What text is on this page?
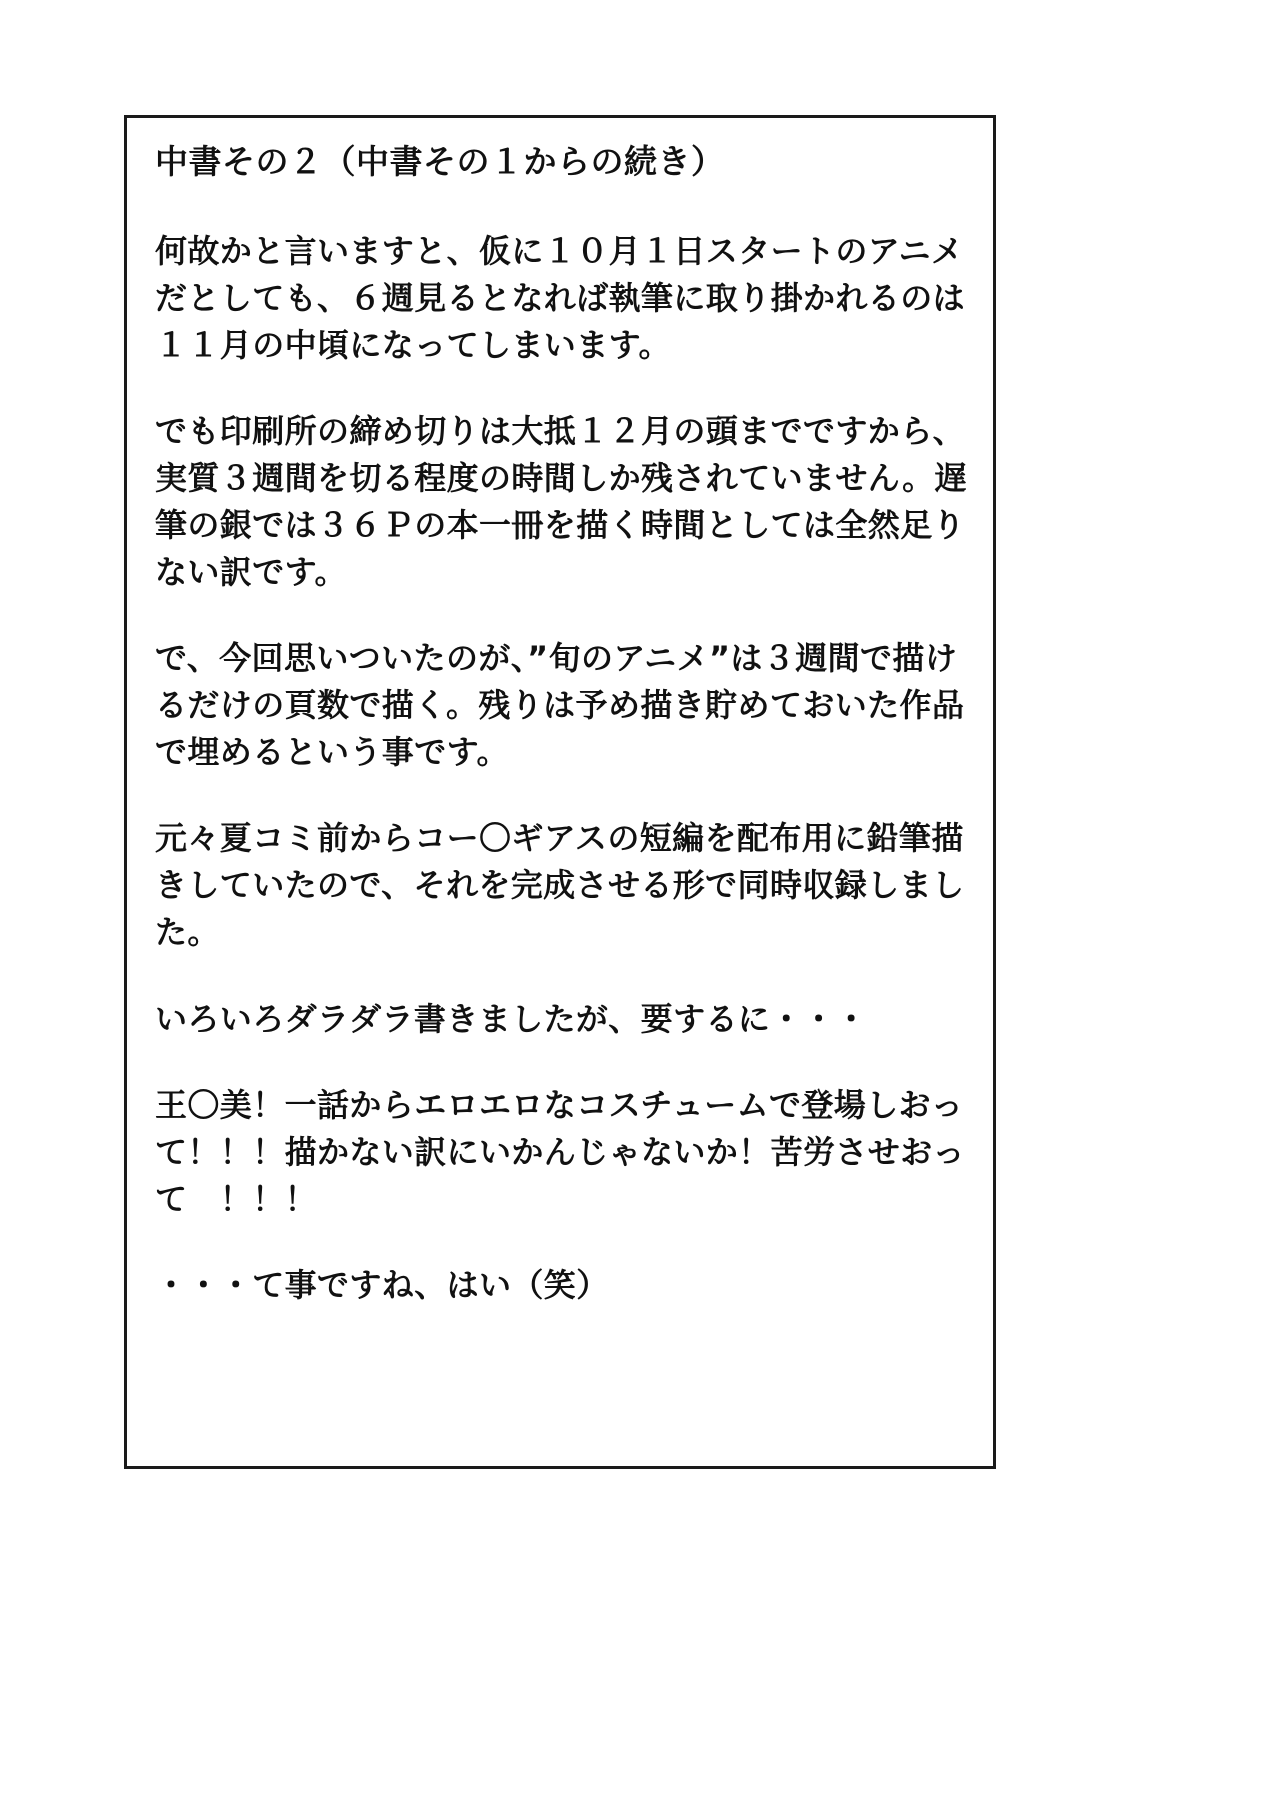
中書その２（中書その１からの続き）

何故かと言いますと、仮に１０月１日スタートのアニメだとしても、６週見るとなれば執筆に取り掛かれるのは１１月の中頃になってしまいます。

でも印刷所の締め切りは大抵１２月の頭までですから、実質３週間を切る程度の時間しか残されていません。遅筆の銀では３６Ｐの本一冊を描く時間としては全然足りない訳です。

で、今回思いついたのが、”旬のアニメ”は３週間で描けるだけの頁数で描く。残りは予め描き貯めておいた作品で埋めるという事です。

元々夏コミ前からコー〇ギアスの短編を配布用に鉛筆描きしていたので、それを完成させる形で同時収録しました。

いろいろダラダラ書きましたが、要するに・・・

王〇美！一話からエロエロなコスチュームで登場しおって！！！描かない訳にいかんじゃないか！苦労させおって　！！！

・・・て事ですね、はい（笑）
